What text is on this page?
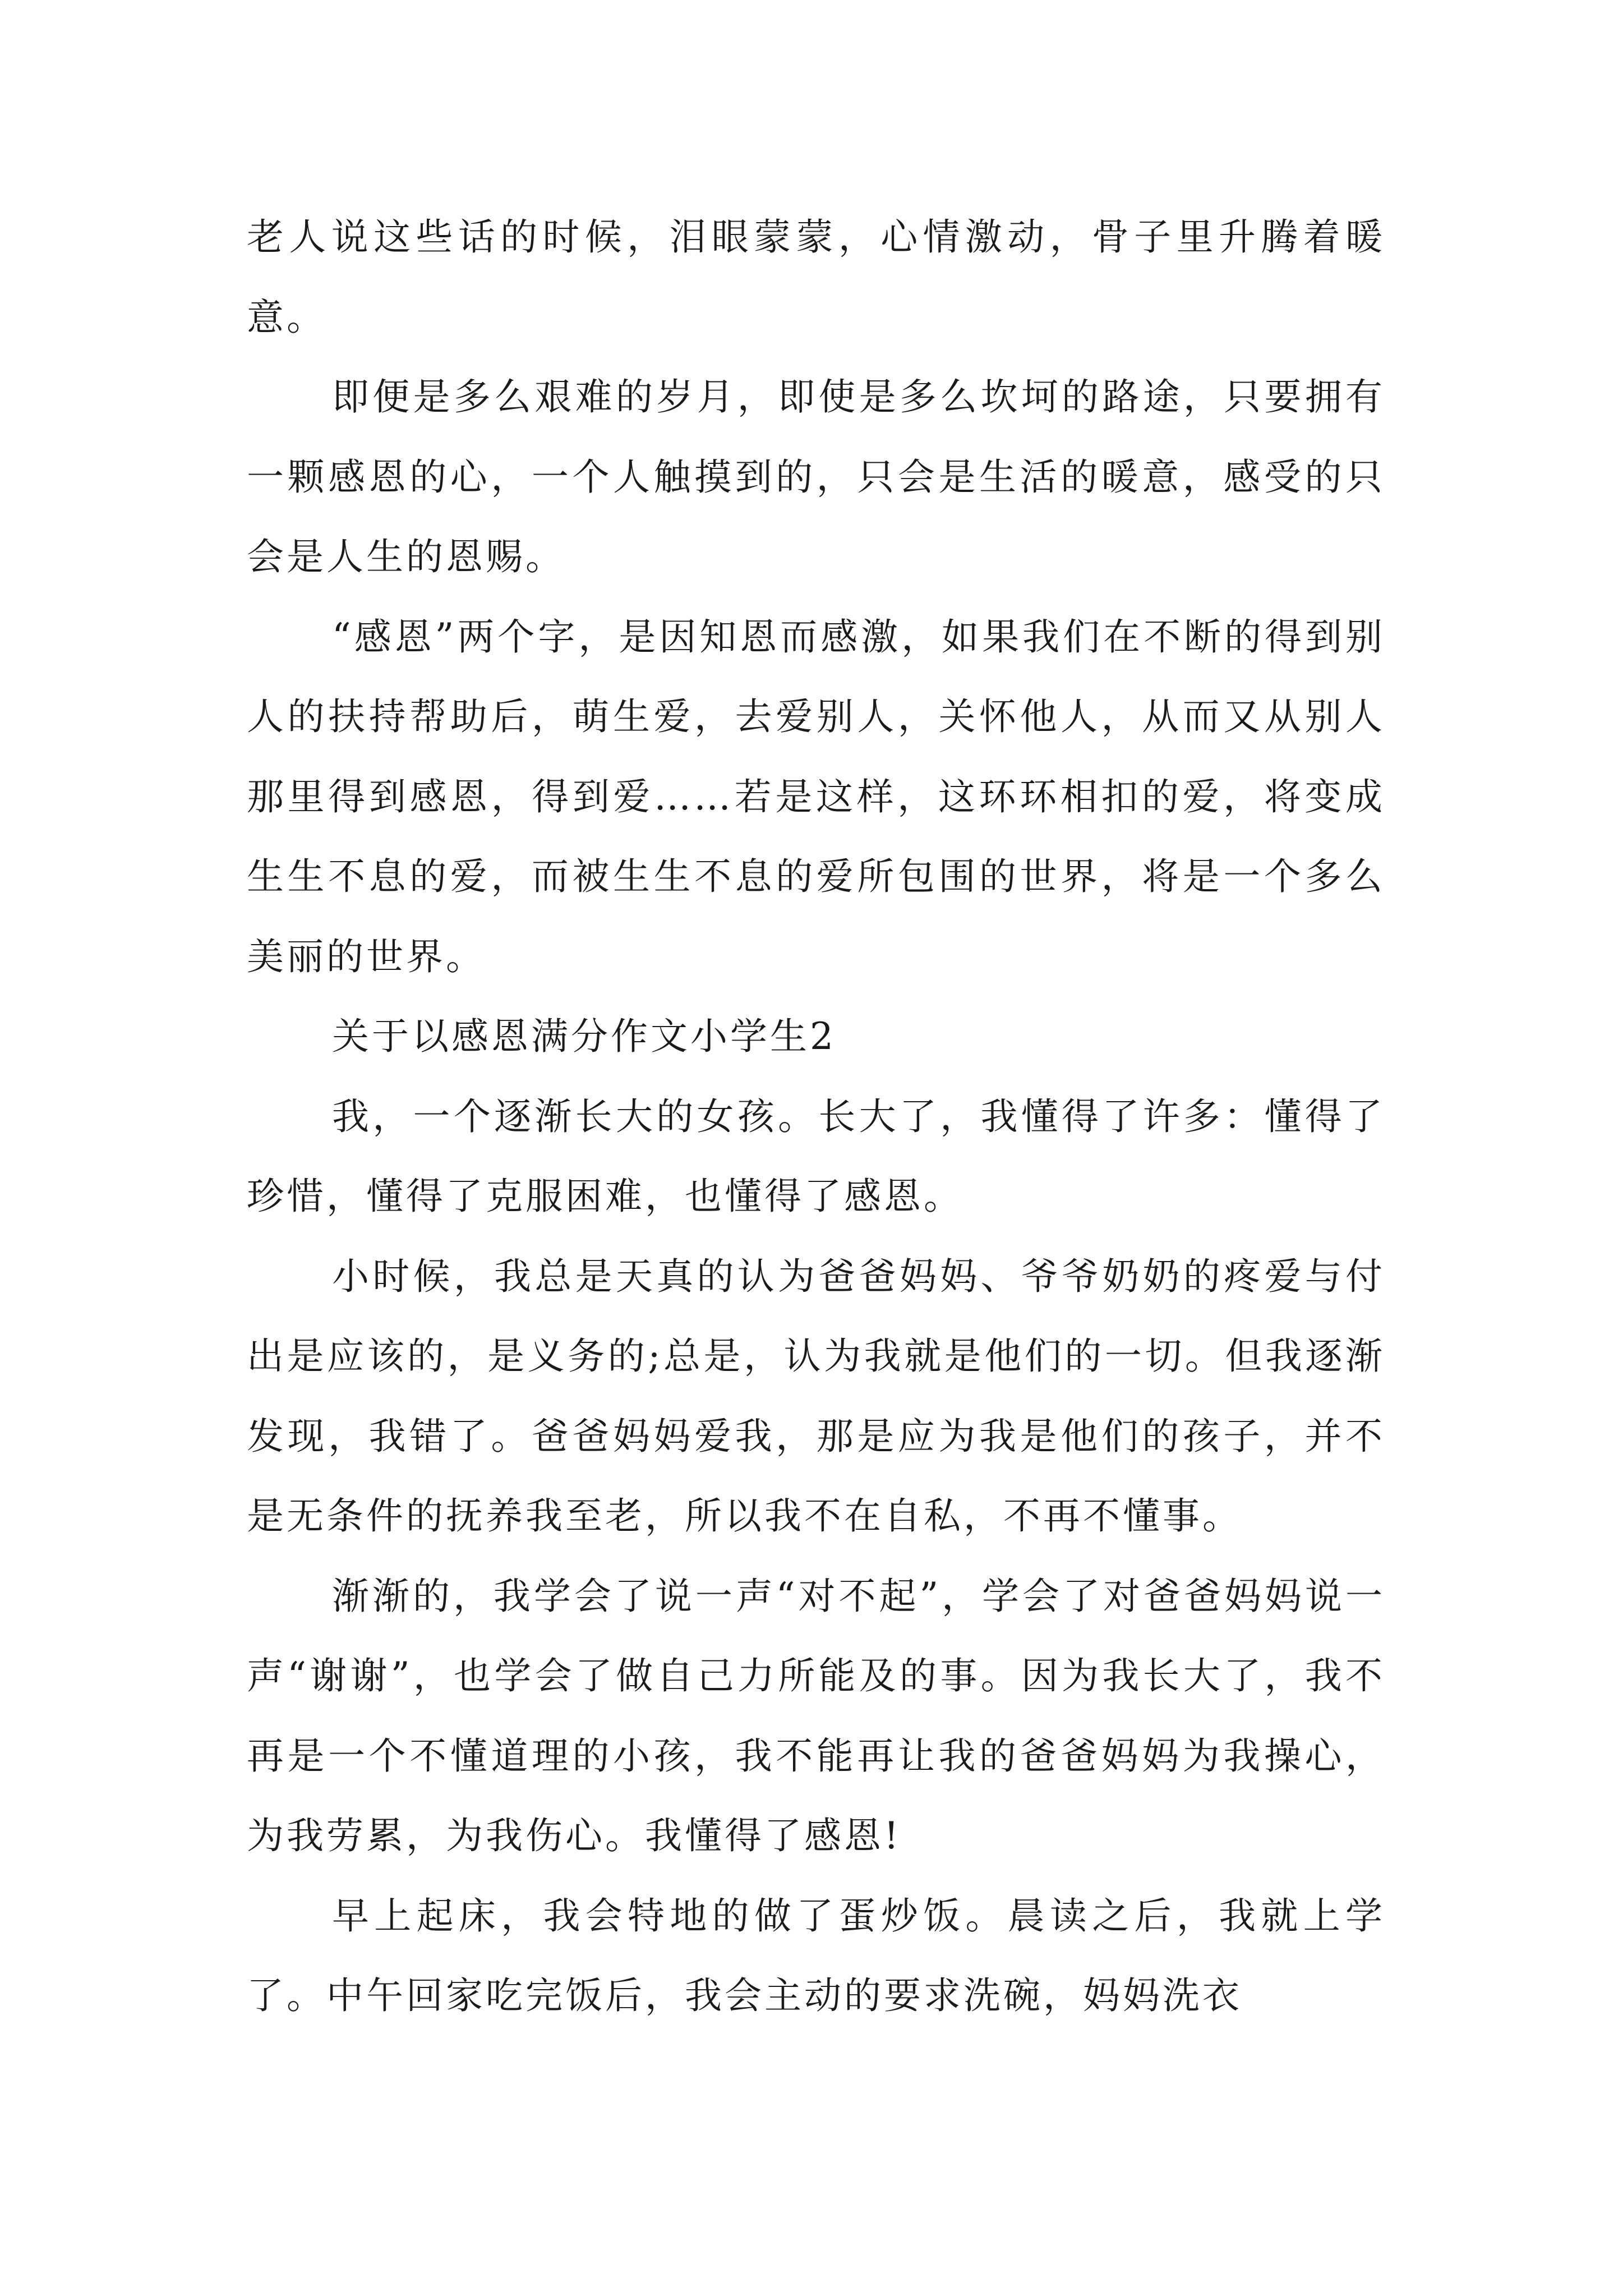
老人说这些话的时候，泪眼蒙蒙，心情激动，骨子里升腾着暖意。

即便是多么艰难的岁月，即使是多么坎坷的路途，只要拥有一颗感恩的心，一个人触摸到的，只会是生活的暖意，感受的只会是人生的恩赐。

“感恩”两个字，是因知恩而感激，如果我们在不断的得到别人的扶持帮助后，萌生爱，去爱别人，关怀他人，从而又从别人那里得到感恩，得到爱……若是这样，这环环相扣的爱，将变成生生不息的爱，而被生生不息的爱所包围的世界，将是一个多么美丽的世界。

关于以感恩满分作文小学生2

我，一个逐渐长大的女孩。长大了，我懂得了许多：懂得了珍惜，懂得了克服困难，也懂得了感恩。

小时候，我总是天真的认为爸爸妈妈、爷爷奶奶的疼爱与付出是应该的，是义务的;总是，认为我就是他们的一切。但我逐渐发现，我错了。爸爸妈妈爱我，那是应为我是他们的孩子，并不是无条件的抚养我至老，所以我不在自私，不再不懂事。

渐渐的，我学会了说一声“对不起”，学会了对爸爸妈妈说一声“谢谢”，也学会了做自己力所能及的事。因为我长大了，我不再是一个不懂道理的小孩，我不能再让我的爸爸妈妈为我操心，为我劳累，为我伤心。我懂得了感恩!

早上起床，我会特地的做了蛋炒饭。晨读之后，我就上学了。中午回家吃完饭后，我会主动的要求洗碗，妈妈洗衣
